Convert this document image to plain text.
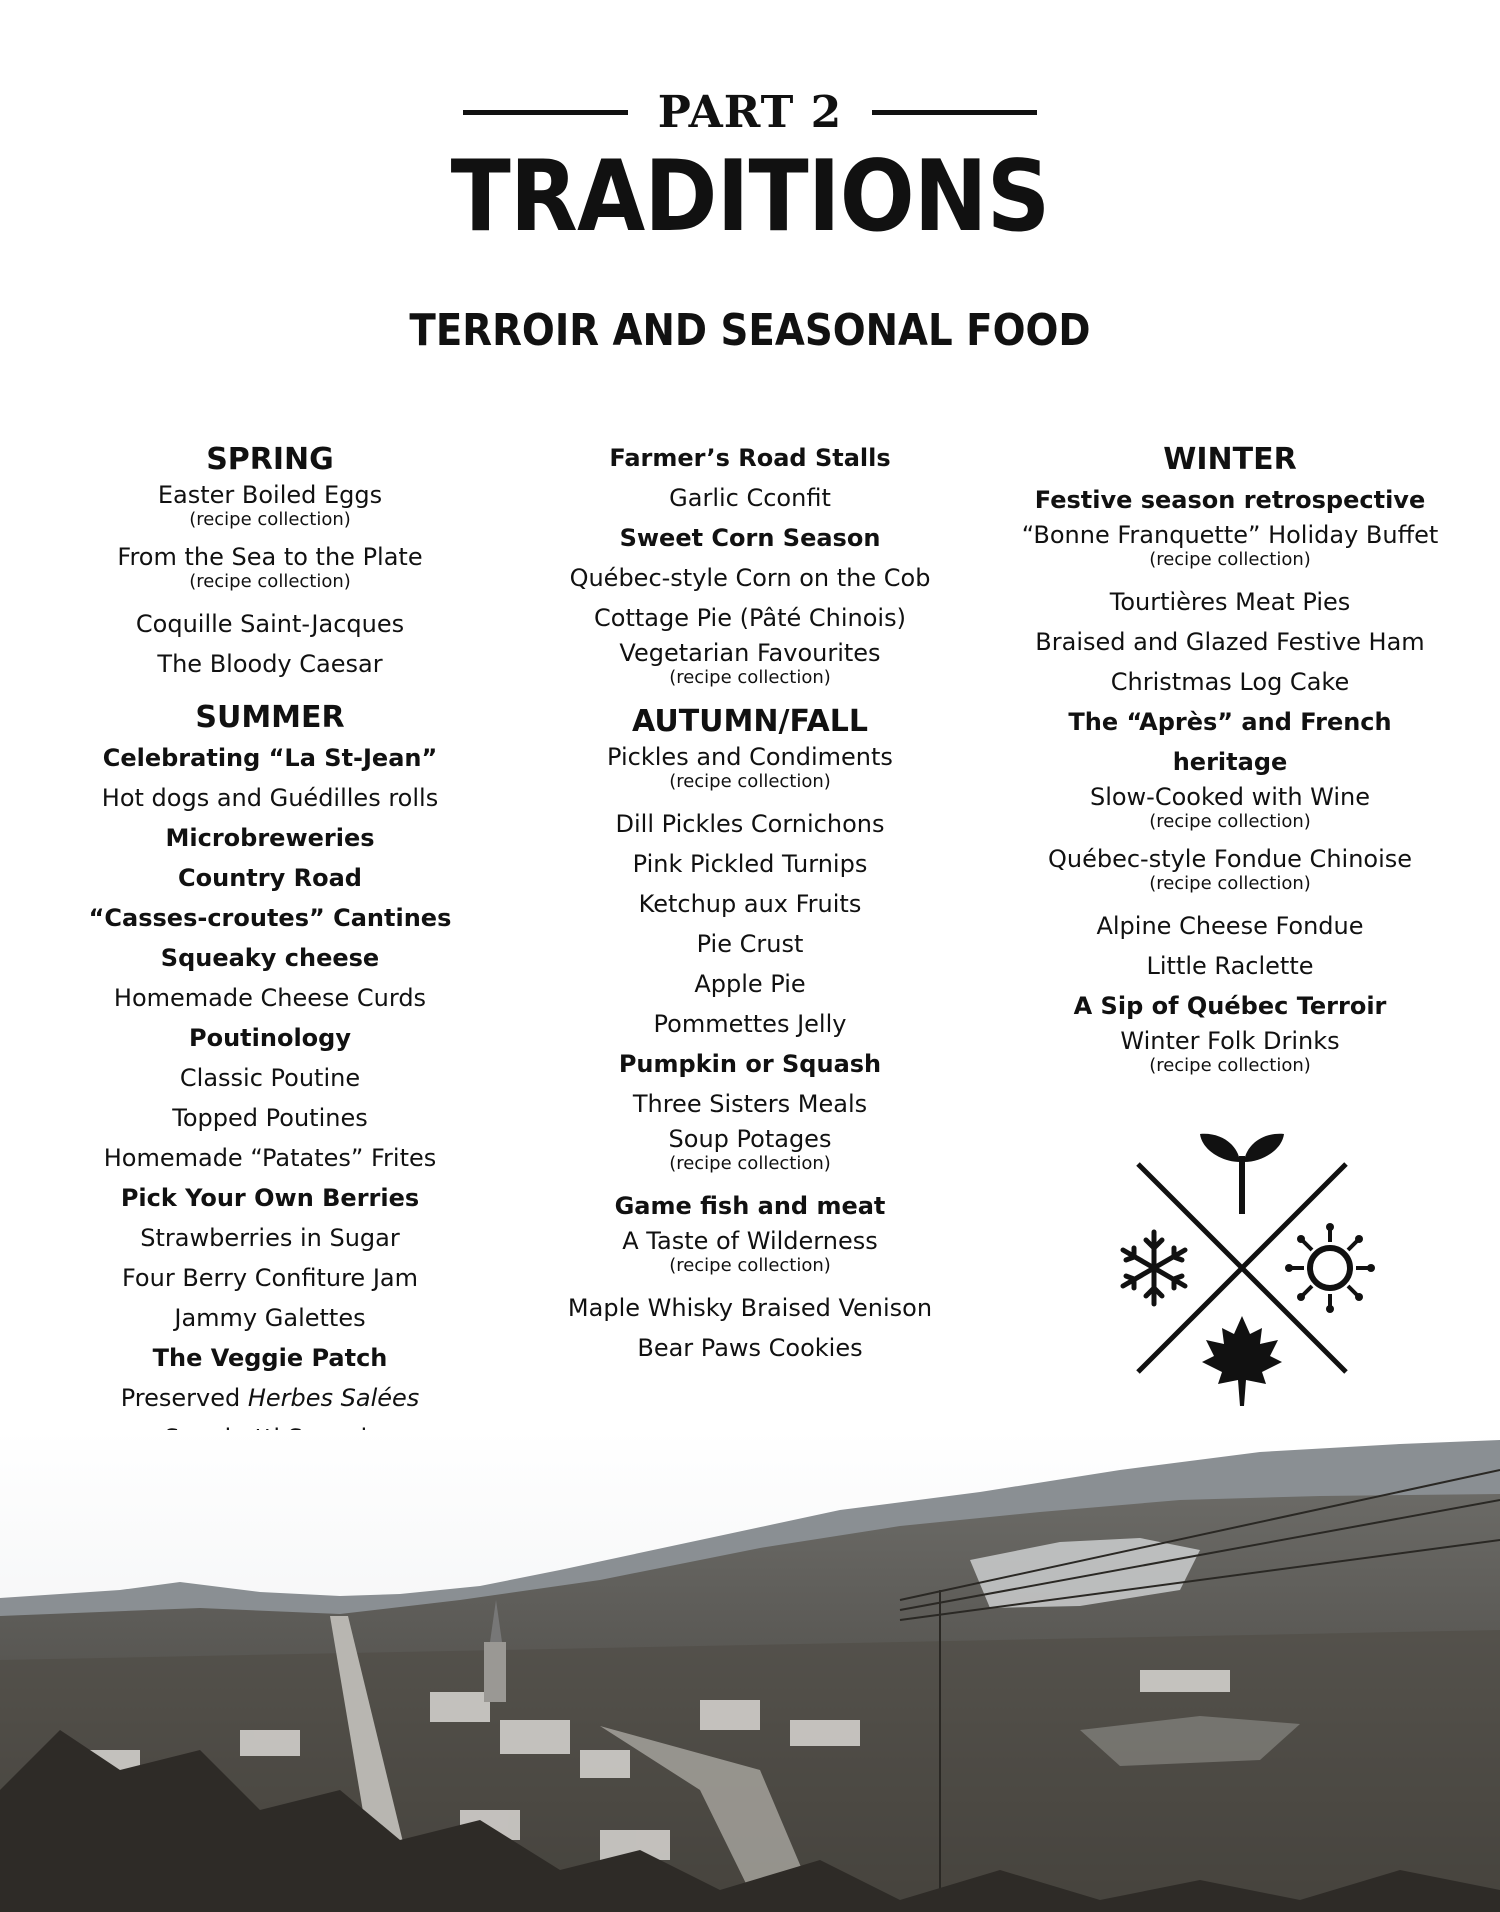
PART 2
TRADITIONS
TERROIR AND SEASONAL FOOD
SPRING
Easter Boiled Eggs
(recipe collection)
From the Sea to the Plate
(recipe collection)
Coquille Saint-Jacques
The Bloody Caesar
SUMMER
Celebrating “La St-Jean”
Hot dogs and Guédilles rolls
Microbreweries
Country Road
“Casses-croutes” Cantines
Squeaky cheese
Homemade Cheese Curds
Poutinology
Classic Poutine
Topped Poutines
Homemade “Patates” Frites
Pick Your Own Berries
Strawberries in Sugar
Four Berry Confiture Jam
Jammy Galettes
The Veggie Patch
Preserved Herbes Salées
Farmer’s Road Stalls
Garlic Cconfit
Sweet Corn Season
Québec-style Corn on the Cob
Cottage Pie (Pâté Chinois)
Vegetarian Favourites
(recipe collection)
AUTUMN/FALL
Pickles and Condiments
(recipe collection)
Dill Pickles Cornichons
Pink Pickled Turnips
Ketchup aux Fruits
Pie Crust
Apple Pie
Pommettes Jelly
Pumpkin or Squash
Three Sisters Meals
Soup Potages
(recipe collection)
Game fish and meat
A Taste of Wilderness
(recipe collection)
Maple Whisky Braised Venison
Bear Paws Cookies
WINTER
Festive season retrospective
“Bonne Franquette” Holiday Buffet
(recipe collection)
Tourtières Meat Pies
Braised and Glazed Festive Ham
Christmas Log Cake
The “Après” and French heritage
Slow-Cooked with Wine
(recipe collection)
Québec-style Fondue Chinoise
(recipe collection)
Alpine Cheese Fondue
Little Raclette
A Sip of Québec Terroir
Winter Folk Drinks
(recipe collection)
